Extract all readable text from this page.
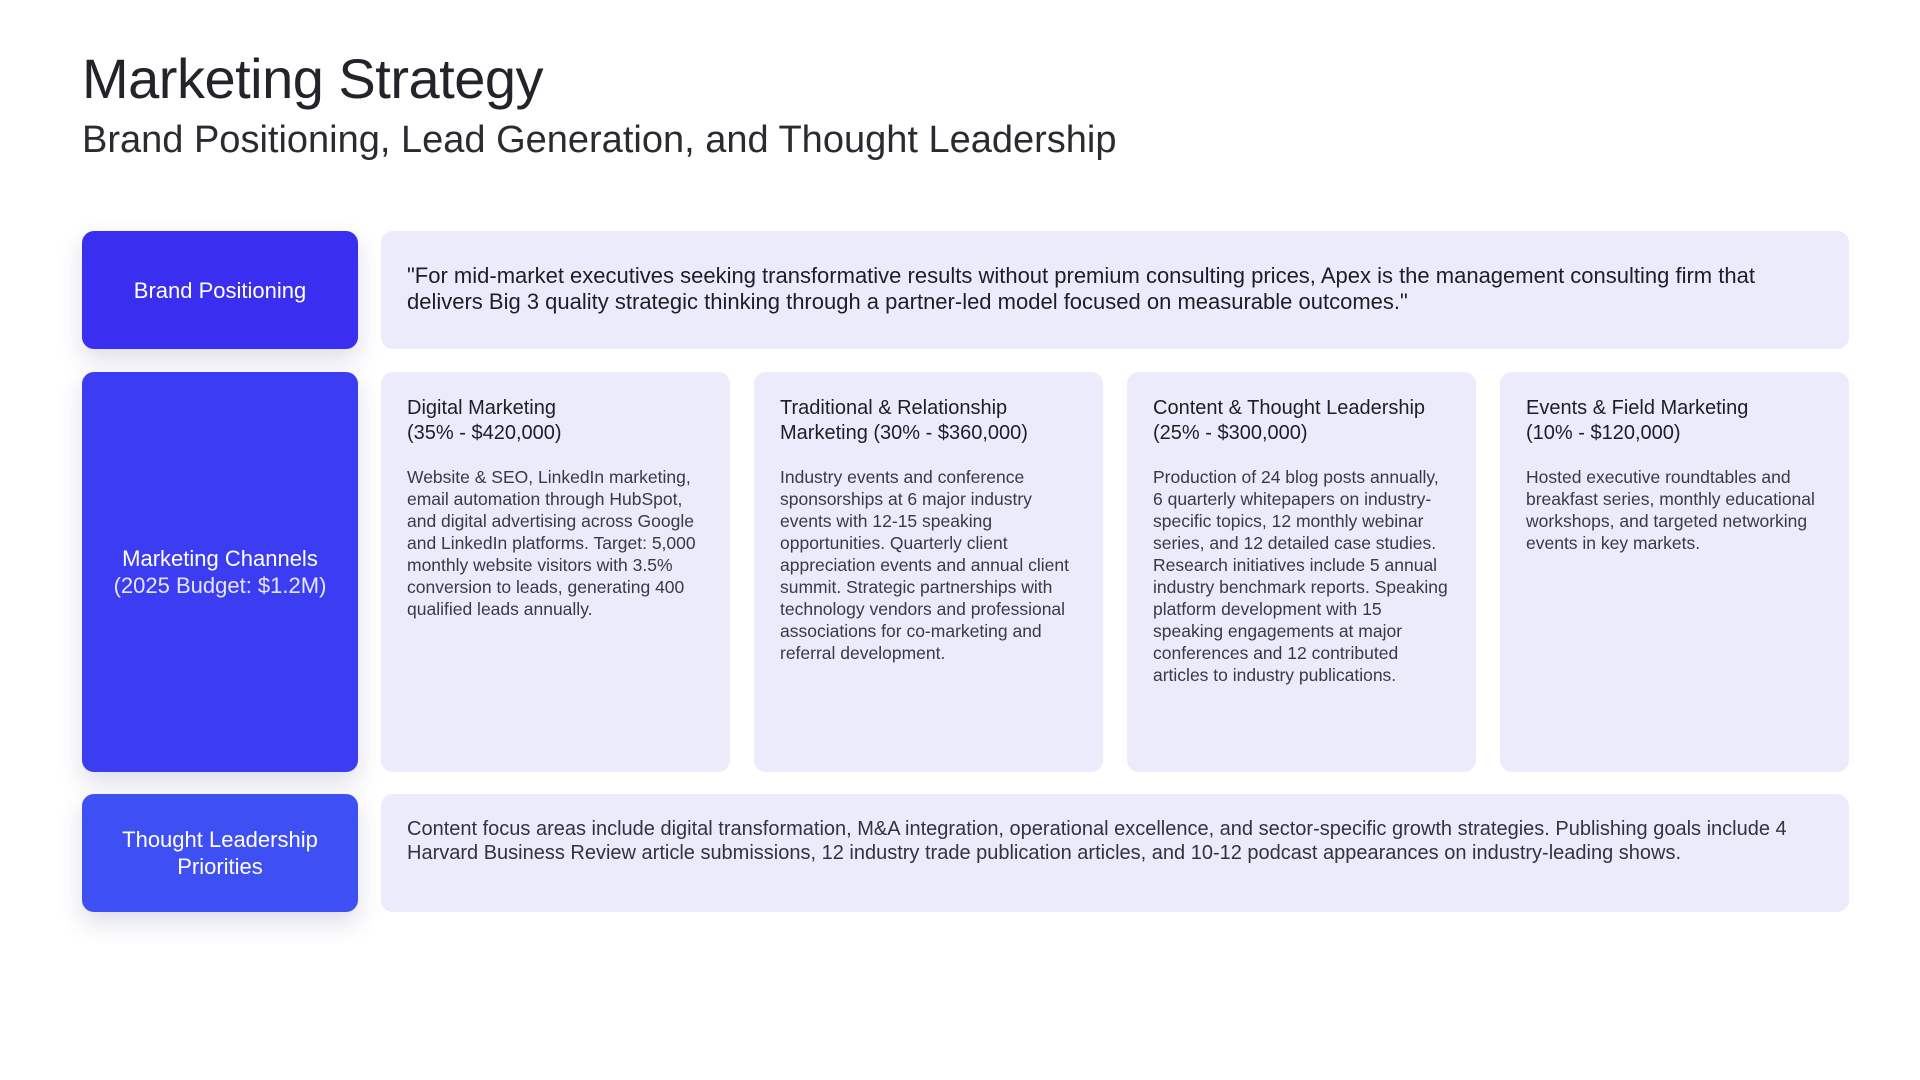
Marketing Strategy
Brand Positioning, Lead Generation, and Thought Leadership
Brand Positioning
"For mid-market executives seeking transformative results without premium consulting prices, Apex is the management consulting firm that delivers Big 3 quality strategic thinking through a partner-led model focused on measurable outcomes."
Marketing Channels
(2025 Budget: $1.2M)
Digital Marketing
(35% - $420,000)
Website & SEO, LinkedIn marketing, email automation through HubSpot, and digital advertising across Google and LinkedIn platforms. Target: 5,000 monthly website visitors with 3.5% conversion to leads, generating 400 qualified leads annually.
Traditional & Relationship
Marketing (30% - $360,000)
Industry events and conference sponsorships at 6 major industry events with 12-15 speaking opportunities. Quarterly client appreciation events and annual client summit. Strategic partnerships with technology vendors and professional associations for co-marketing and referral development.
Content & Thought Leadership
(25% - $300,000)
Production of 24 blog posts annually, 6 quarterly whitepapers on industry-specific topics, 12 monthly webinar series, and 12 detailed case studies. Research initiatives include 5 annual industry benchmark reports. Speaking platform development with 15 speaking engagements at major conferences and 12 contributed articles to industry publications.
Events & Field Marketing
(10% - $120,000)
Hosted executive roundtables and breakfast series, monthly educational workshops, and targeted networking events in key markets.
Thought Leadership Priorities
Content focus areas include digital transformation, M&A integration, operational excellence, and sector-specific growth strategies. Publishing goals include 4 Harvard Business Review article submissions, 12 industry trade publication articles, and 10-12 podcast appearances on industry-leading shows.
